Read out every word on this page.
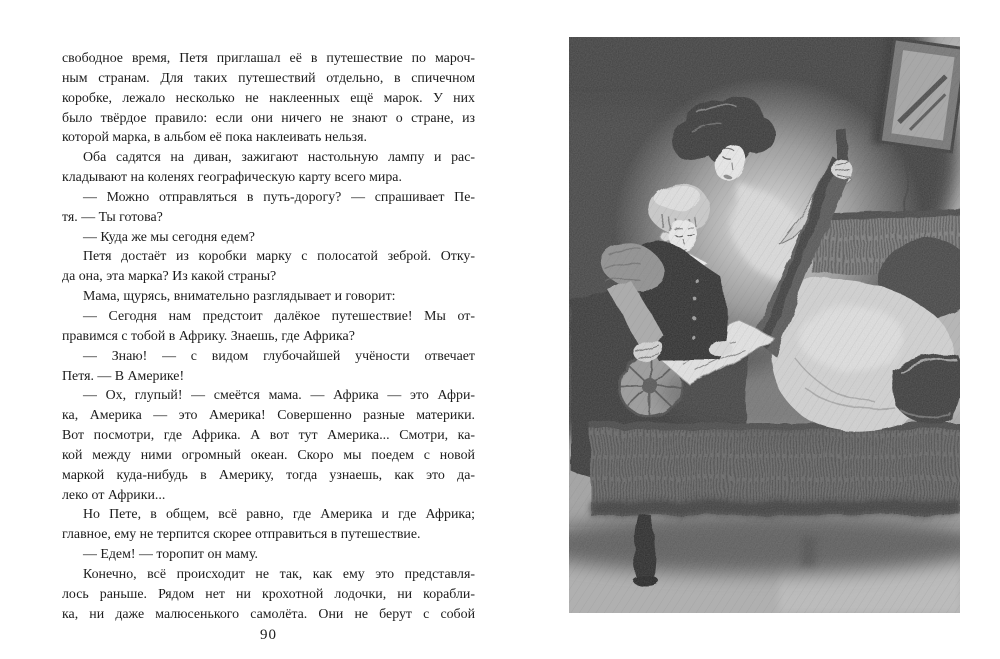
свободное время, Петя приглашал её в путешествие по мароч-
ным странам. Для таких путешествий отдельно, в спичечном
коробке, лежало несколько не наклеенных ещё марок. У них
было твёрдое правило: если они ничего не знают о стране, из
которой марка, в альбом её пока наклеивать нельзя.
Оба садятся на диван, зажигают настольную лампу и рас-
кладывают на коленях географическую карту всего мира.
— Можно отправляться в путь-дорогу? — спрашивает Пе-
тя. — Ты готова?
— Куда же мы сегодня едем?
Петя достаёт из коробки марку с полосатой зеброй. Отку-
да она, эта марка? Из какой страны?
Мама, щурясь, внимательно разглядывает и говорит:
— Сегодня нам предстоит далёкое путешествие! Мы от-
правимся с тобой в Африку. Знаешь, где Африка?
— Знаю! — с видом глубочайшей учёности отвечает
Петя. — В Америке!
— Ох, глупый! — смеётся мама. — Африка — это Афри-
ка, Америка — это Америка! Совершенно разные материки.
Вот посмотри, где Африка. А вот тут Америка... Смотри, ка-
кой между ними огромный океан. Скоро мы поедем с новой
маркой куда-нибудь в Америку, тогда узнаешь, как это да-
леко от Африки...
Но Пете, в общем, всё равно, где Америка и где Африка;
главное, ему не терпится скорее отправиться в путешествие.
— Едем! — торопит он маму.
Конечно, всё происходит не так, как ему это представля-
лось раньше. Рядом нет ни крохотной лодочки, ни корабли-
ка, ни даже малюсенького самолёта. Они не берут с собой
90
